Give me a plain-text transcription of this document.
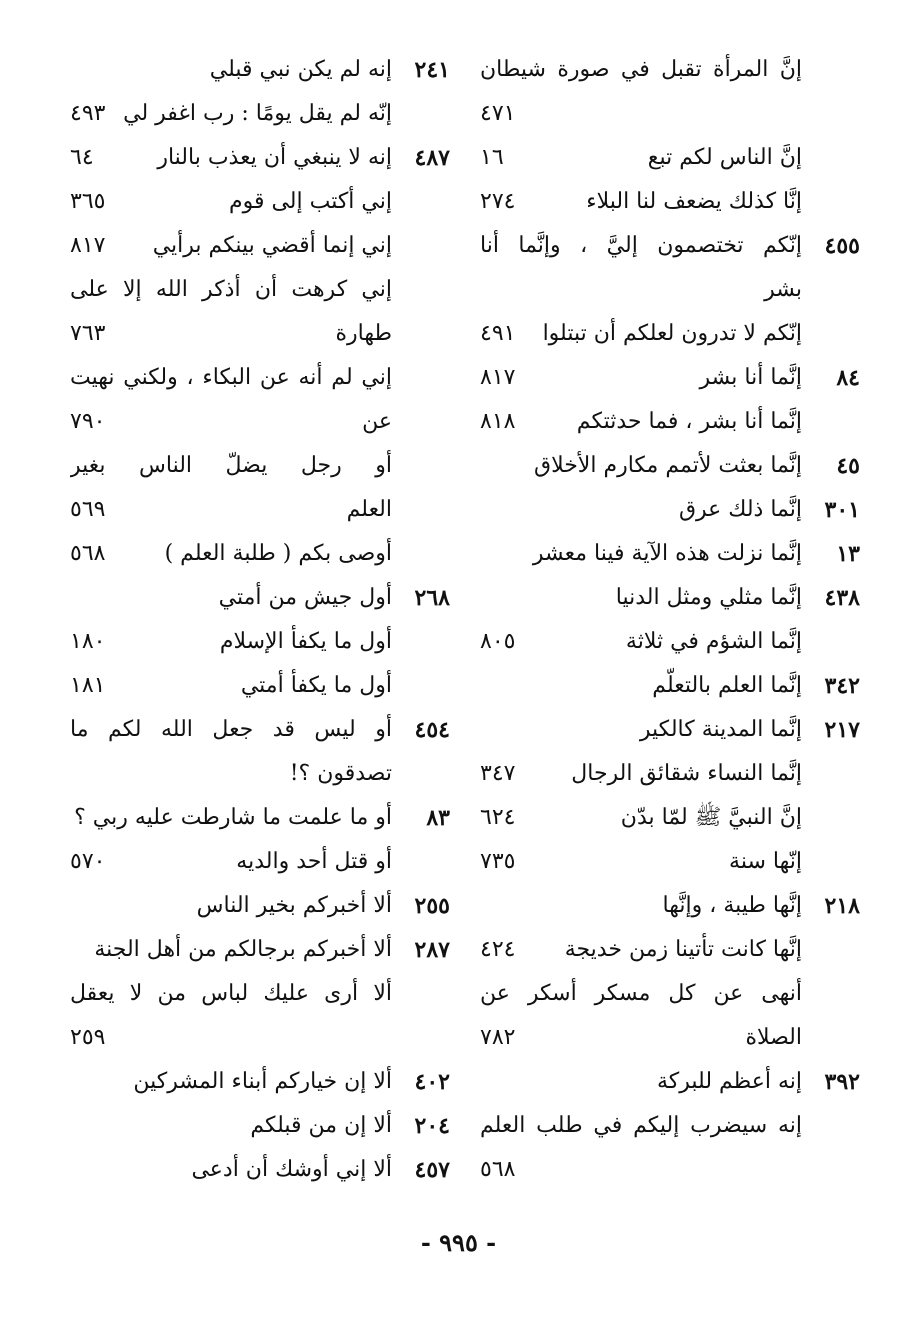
إنَّ المرأة تقبل في صورة شيطان
٤٧١
إنَّ الناس لكم تبع
١٦
إنَّا كذلك يضعف لنا البلاء
٢٧٤
٤٥٥
إنّكم تختصمون إليَّ ، وإنَّما أنا
بشر
إنّكم لا تدرون لعلكم أن تبتلوا
٤٩١
٨٤
إنَّما أنا بشر
٨١٧
إنَّما أنا بشر ، فما حدثتكم
٨١٨
٤٥
إنَّما بعثت لأتمم مكارم الأخلاق
٣٠١
إنَّما ذلك عرق
١٣
إنَّما نزلت هذه الآية فينا معشر
٤٣٨
إنَّما مثلي ومثل الدنيا
إنَّما الشؤم في ثلاثة
٨٠٥
٣٤٢
إنَّما العلم بالتعلّم
٢١٧
إنَّما المدينة كالكير
إنَّما النساء شقائق الرجال
٣٤٧
إنَّ النبيَّ ﷺ لمّا بدّن
٦٢٤
إنّها سنة
٧٣٥
٢١٨
إنَّها طيبة ، وإنَّها
إنَّها كانت تأتينا زمن خديجة
٤٢٤
أنهى عن كل مسكر أسكر عن
الصلاة
٧٨٢
٣٩٢
إنه أعظم للبركة
إنه سيضرب إليكم في طلب العلم
٥٦٨
٢٤١
إنه لم يكن نبي قبلي
إنّه لم يقل يومًا : رب اغفر لي
٤٩٣
٤٨٧
إنه لا ينبغي أن يعذب بالنار
٦٤
إني أكتب إلى قوم
٣٦٥
إني إنما أقضي بينكم برأيي
٨١٧
إني كرهت أن أذكر الله إلا على
طهارة
٧٦٣
إني لم أنه عن البكاء ، ولكني نهيت
عن
٧٩٠
أو رجل يضلّ الناس بغير
العلم
٥٦٩
أوصى بكم ( طلبة العلم )
٥٦٨
٢٦٨
أول جيش من أمتي
أول ما يكفأ الإسلام
١٨٠
أول ما يكفأ أمتي
١٨١
٤٥٤
أو ليس قد جعل الله لكم ما
تصدقون ؟!
٨٣
أو ما علمت ما شارطت عليه ربي ؟
أو قتل أحد والديه
٥٧٠
٢٥٥
ألا أخبركم بخير الناس
٢٨٧
ألا أخبركم برجالكم من أهل الجنة
ألا أرى عليك لباس من لا يعقل
٢٥٩
٤٠٢
ألا إن خياركم أبناء المشركين
٢٠٤
ألا إن من قبلكم
٤٥٧
ألا إني أوشك أن أدعى
- ٩٩٥ -
